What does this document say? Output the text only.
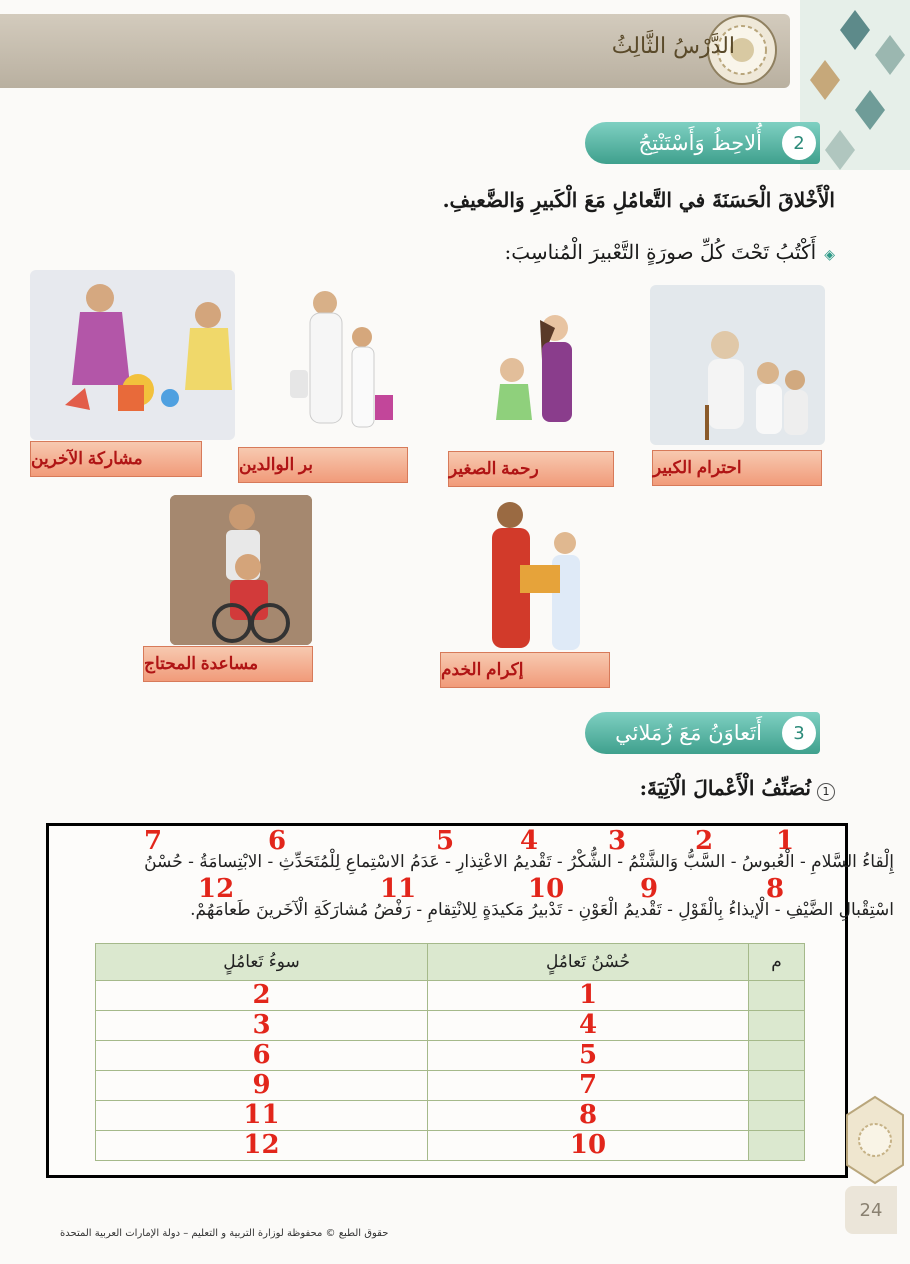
الدَّرْسُ الثَّالِثُ
2
أُلاحِظُ وَأَسْتَنْتِجُ
الْأَخْلاقَ الْحَسَنَةَ في التَّعامُلِ مَعَ الْكَبيرِ وَالضَّعيفِ.
◈أَكْتُبُ تَحْتَ كُلِّ صورَةٍ التَّعْبيرَ الْمُناسِبَ:
احترام الكبير
رحمة الصغير
بر الوالدين
مشاركة الآخرين
إكرام الخدم
مساعدة المحتاج
3
أَتَعاوَنُ مَعَ زُمَلائي
1نُصَنِّفُ الْأَعْمالَ الْآتِيَةَ:
1
2
3
4
5
6
7
إِلْقاءُ السَّلامِ - الْعُبوسُ - السَّبُّ وَالشَّتْمُ - الشُّكْرُ - تَقْديمُ الاعْتِذارِ - عَدَمُ الاسْتِماعِ لِلْمُتَحَدِّثِ - الابْتِسامَةُ - حُسْنُ
8
9
10
11
12
اسْتِقْبالِ الضَّيْفِ - الْإيذاءُ بِالْقَوْلِ - تَقْديمُ الْعَوْنِ - تَدْبيرُ مَكيدَةٍ لِلانْتِقامِ - رَفْضُ مُشارَكَةِ الْآخَرينَ طَعامَهُمْ.
م	حُسْنُ تَعامُلٍ	سوءُ تَعامُلٍ
	1	2
	4	3
	5	6
	7	9
	8	11
	10	12
24
حقوق الطبع © محفوظة لوزارة التربية و التعليم – دولة الإمارات العربية المتحدة
